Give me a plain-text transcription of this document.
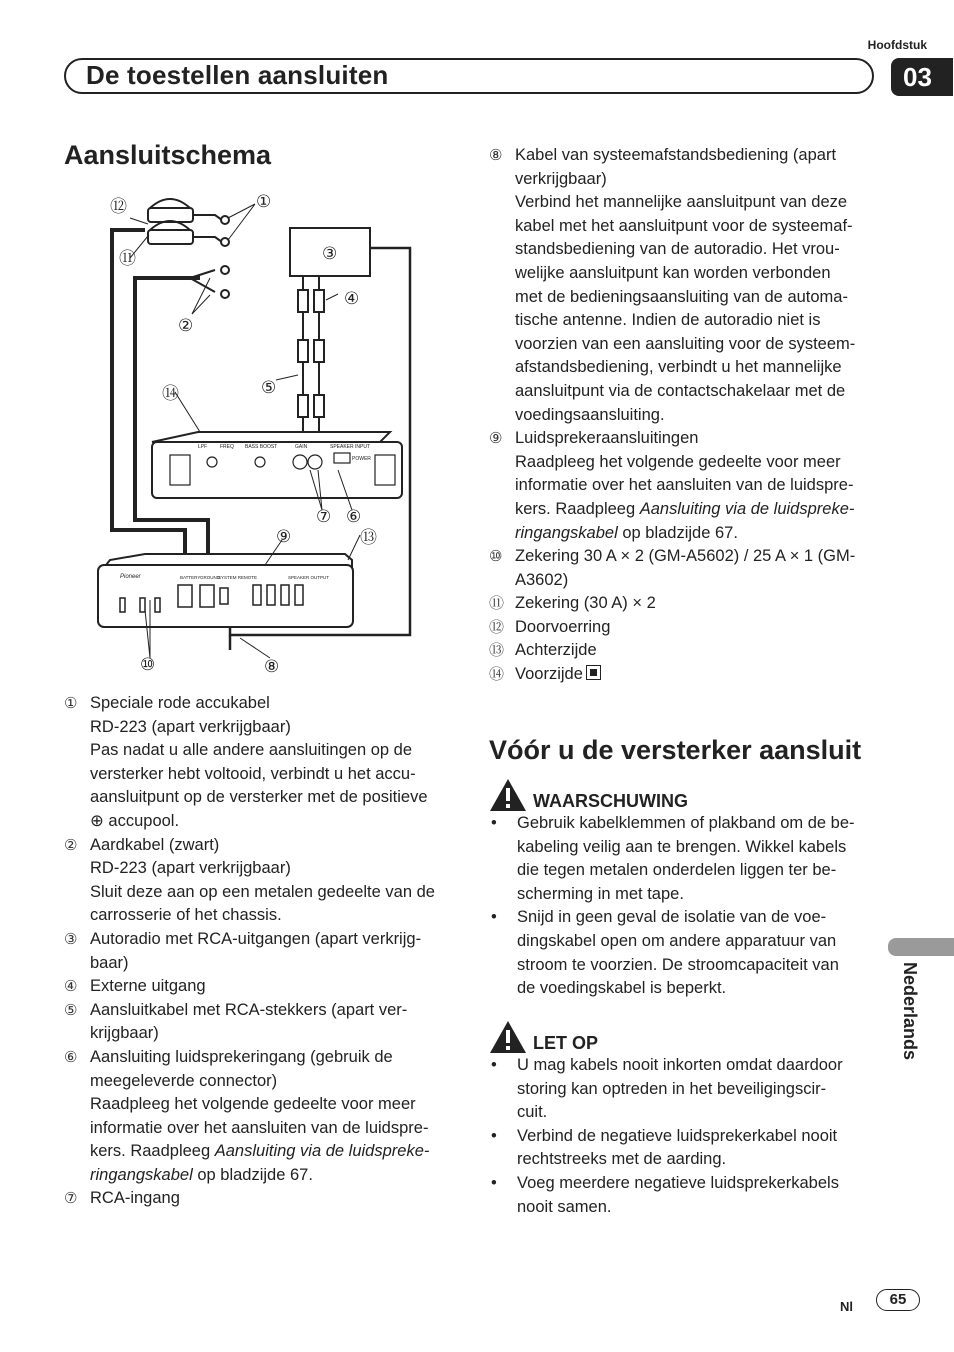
Hoofdstuk
De toestellen aansluiten	03
Aansluitschema
LPF	FREQ BASS BOOST	GAIN	SPEAKER INPUT
POWER
Pioneer	BATTERY GROUND
SYSTEM REMOTE	SPEAKER OUTPUT
①
②
③
④
⑤
⑥
⑦
⑧
⑨
⑩
⑪
⑫
⑬
⑭
① Speciale rode accukabel
RD-223 (apart verkrijgbaar)
Pas nadat u alle andere aansluitingen op de
versterker hebt voltooid, verbindt u het accu-
aansluitpunt op de versterker met de positieve
⊕ accupool.
② Aardkabel (zwart)
RD-223 (apart verkrijgbaar)
Sluit deze aan op een metalen gedeelte van de
carrosserie of het chassis.
③ Autoradio met RCA-uitgangen (apart verkrijg-
baar)
④ Externe uitgang
⑤ Aansluitkabel met RCA-stekkers (apart ver-
krijgbaar)
⑥ Aansluiting luidsprekeringang (gebruik de
meegeleverde connector)
Raadpleeg het volgende gedeelte voor meer
informatie over het aansluiten van de luidspre-
kers. Raadpleeg Aansluiting via de luidspreke-
ringangskabel op bladzijde 67.
⑦ RCA-ingang
⑧ Kabel van systeemafstandsbediening (apart
verkrijgbaar)
Verbind het mannelijke aansluitpunt van deze
kabel met het aansluitpunt voor de systeemaf-
standsbediening van de autoradio. Het vrou-
welijke aansluitpunt kan worden verbonden
met de bedieningsaansluiting van de automa-
tische antenne. Indien de autoradio niet is
voorzien van een aansluiting voor de systeem-
afstandsbediening, verbindt u het mannelijke
aansluitpunt via de contactschakelaar met de
voedingsaansluiting.
⑨ Luidsprekeraansluitingen
Raadpleeg het volgende gedeelte voor meer
informatie over het aansluiten van de luidspre-
kers. Raadpleeg Aansluiting via de luidspreke-
ringangskabel op bladzijde 67.
⑩ Zekering 30 A × 2 (GM-A5602) / 25 A × 1 (GM-
A3602)
⑪ Zekering (30 A) × 2
⑫ Doorvoerring
⑬ Achterzijde
⑭ Voorzijde
Vóór u de versterker aansluit
WAARSCHUWING
•	Gebruik kabelklemmen of plakband om de be-
kabeling veilig aan te brengen. Wikkel kabels
die tegen metalen onderdelen liggen ter be-
scherming in met tape.
•	Snijd in geen geval de isolatie van de voe-
dingskabel open om andere apparatuur van
stroom te voorzien. De stroomcapaciteit van
de voedingskabel is beperkt.
LET OP
•	U mag kabels nooit inkorten omdat daardoor
storing kan optreden in het beveiligingscir-
cuit.
•	Verbind de negatieve luidsprekerkabel nooit
rechtstreeks met de aarding.
•	Voeg meerdere negatieve luidsprekerkabels
nooit samen.
Nederlands
Nl	65
